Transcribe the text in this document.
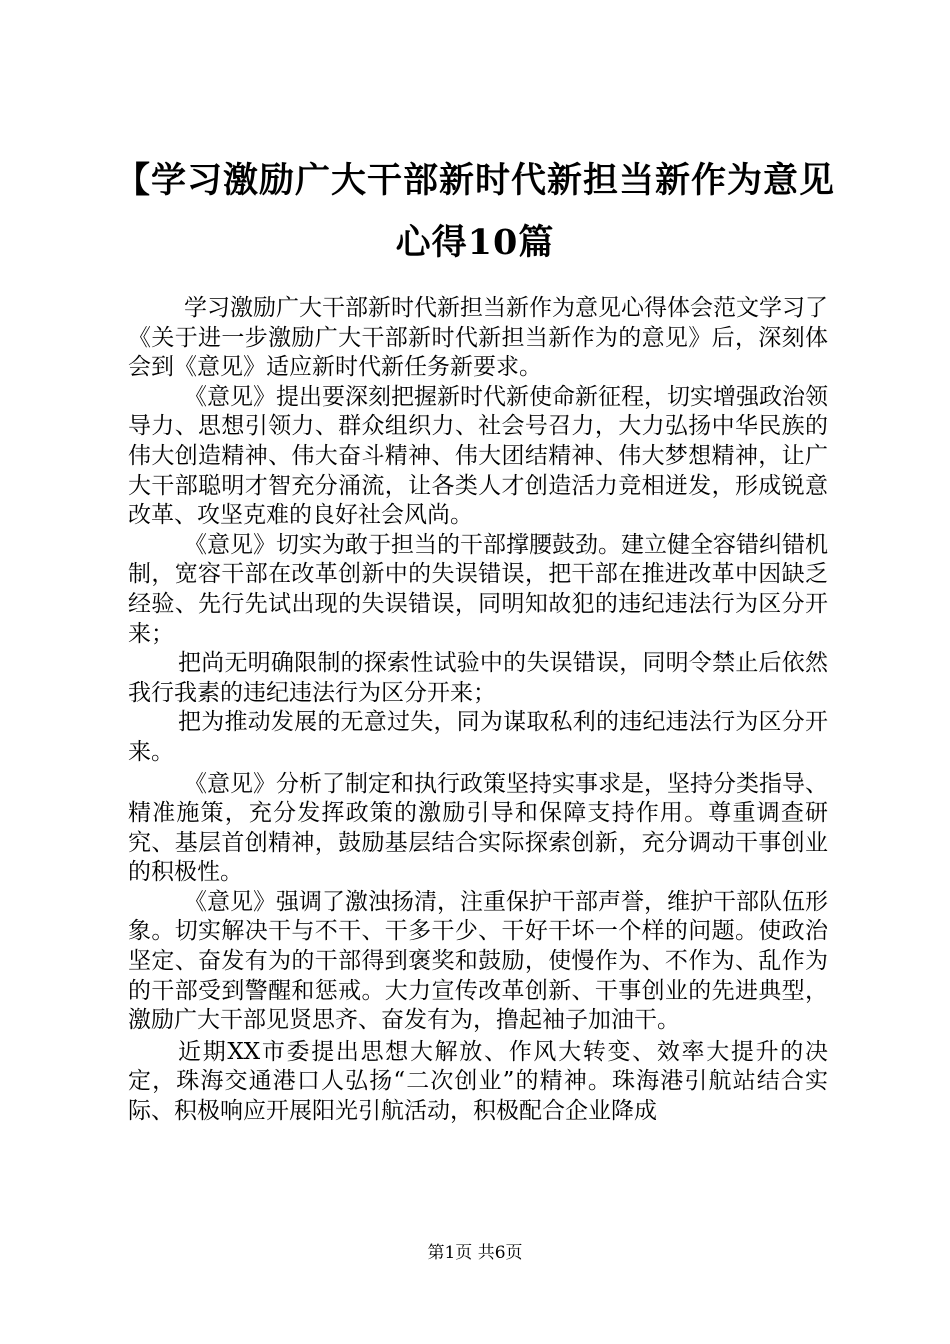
【学习激励广大干部新时代新担当新作为意见
心得10篇

学习激励广大干部新时代新担当新作为意见心得体会范文学习了《关于进一步激励广大干部新时代新担当新作为的意见》后，深刻体会到《意见》适应新时代新任务新要求。

《意见》提出要深刻把握新时代新使命新征程，切实增强政治领导力、思想引领力、群众组织力、社会号召力，大力弘扬中华民族的伟大创造精神、伟大奋斗精神、伟大团结精神、伟大梦想精神，让广大干部聪明才智充分涌流，让各类人才创造活力竞相迸发，形成锐意改革、攻坚克难的良好社会风尚。

《意见》切实为敢于担当的干部撑腰鼓劲。建立健全容错纠错机制，宽容干部在改革创新中的失误错误，把干部在推进改革中因缺乏经验、先行先试出现的失误错误，同明知故犯的违纪违法行为区分开来；

把尚无明确限制的探索性试验中的失误错误，同明令禁止后依然我行我素的违纪违法行为区分开来；

把为推动发展的无意过失，同为谋取私利的违纪违法行为区分开来。

《意见》分析了制定和执行政策坚持实事求是，坚持分类指导、精准施策，充分发挥政策的激励引导和保障支持作用。尊重调查研究、基层首创精神，鼓励基层结合实际探索创新，充分调动干事创业的积极性。

《意见》强调了激浊扬清，注重保护干部声誉，维护干部队伍形象。切实解决干与不干、干多干少、干好干坏一个样的问题。使政治坚定、奋发有为的干部得到褒奖和鼓励，使慢作为、不作为、乱作为的干部受到警醒和惩戒。大力宣传改革创新、干事创业的先进典型，激励广大干部见贤思齐、奋发有为，撸起袖子加油干。

近期XX市委提出思想大解放、作风大转变、效率大提升的决定，珠海交通港口人弘扬“二次创业”的精神。珠海港引航站结合实际、积极响应开展阳光引航活动，积极配合企业降成

第1页 共6页
